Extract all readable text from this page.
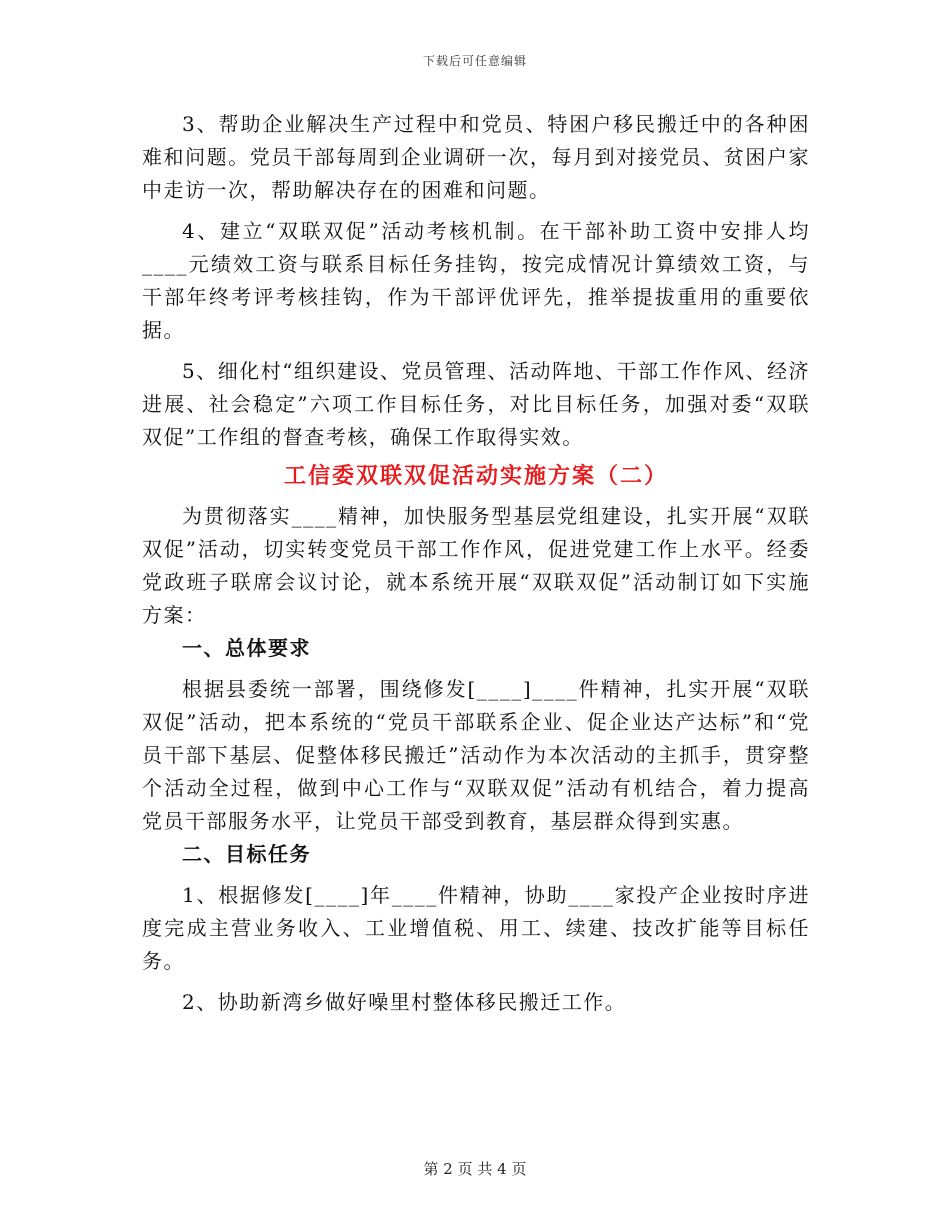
下载后可任意编辑

3、帮助企业解决生产过程中和党员、特困户移民搬迁中的各种困难和问题。党员干部每周到企业调研一次，每月到对接党员、贫困户家中走访一次，帮助解决存在的困难和问题。

4、建立“双联双促”活动考核机制。在干部补助工资中安排人均____元绩效工资与联系目标任务挂钩，按完成情况计算绩效工资，与干部年终考评考核挂钩，作为干部评优评先，推举提拔重用的重要依据。

5、细化村“组织建设、党员管理、活动阵地、干部工作作风、经济进展、社会稳定”六项工作目标任务，对比目标任务，加强对委“双联双促”工作组的督查考核，确保工作取得实效。

工信委双联双促活动实施方案（二）

为贯彻落实____精神，加快服务型基层党组建设，扎实开展“双联双促”活动，切实转变党员干部工作作风，促进党建工作上水平。经委党政班子联席会议讨论，就本系统开展“双联双促”活动制订如下实施方案：

一、总体要求

根据县委统一部署，围绕修发[____]____件精神，扎实开展“双联双促”活动，把本系统的“党员干部联系企业、促企业达产达标”和“党员干部下基层、促整体移民搬迁”活动作为本次活动的主抓手，贯穿整个活动全过程，做到中心工作与“双联双促”活动有机结合，着力提高党员干部服务水平，让党员干部受到教育，基层群众得到实惠。

二、目标任务

1、根据修发[____]年____件精神，协助____家投产企业按时序进度完成主营业务收入、工业增值税、用工、续建、技改扩能等目标任务。

2、协助新湾乡做好噪里村整体移民搬迁工作。

第 2 页 共 4 页
